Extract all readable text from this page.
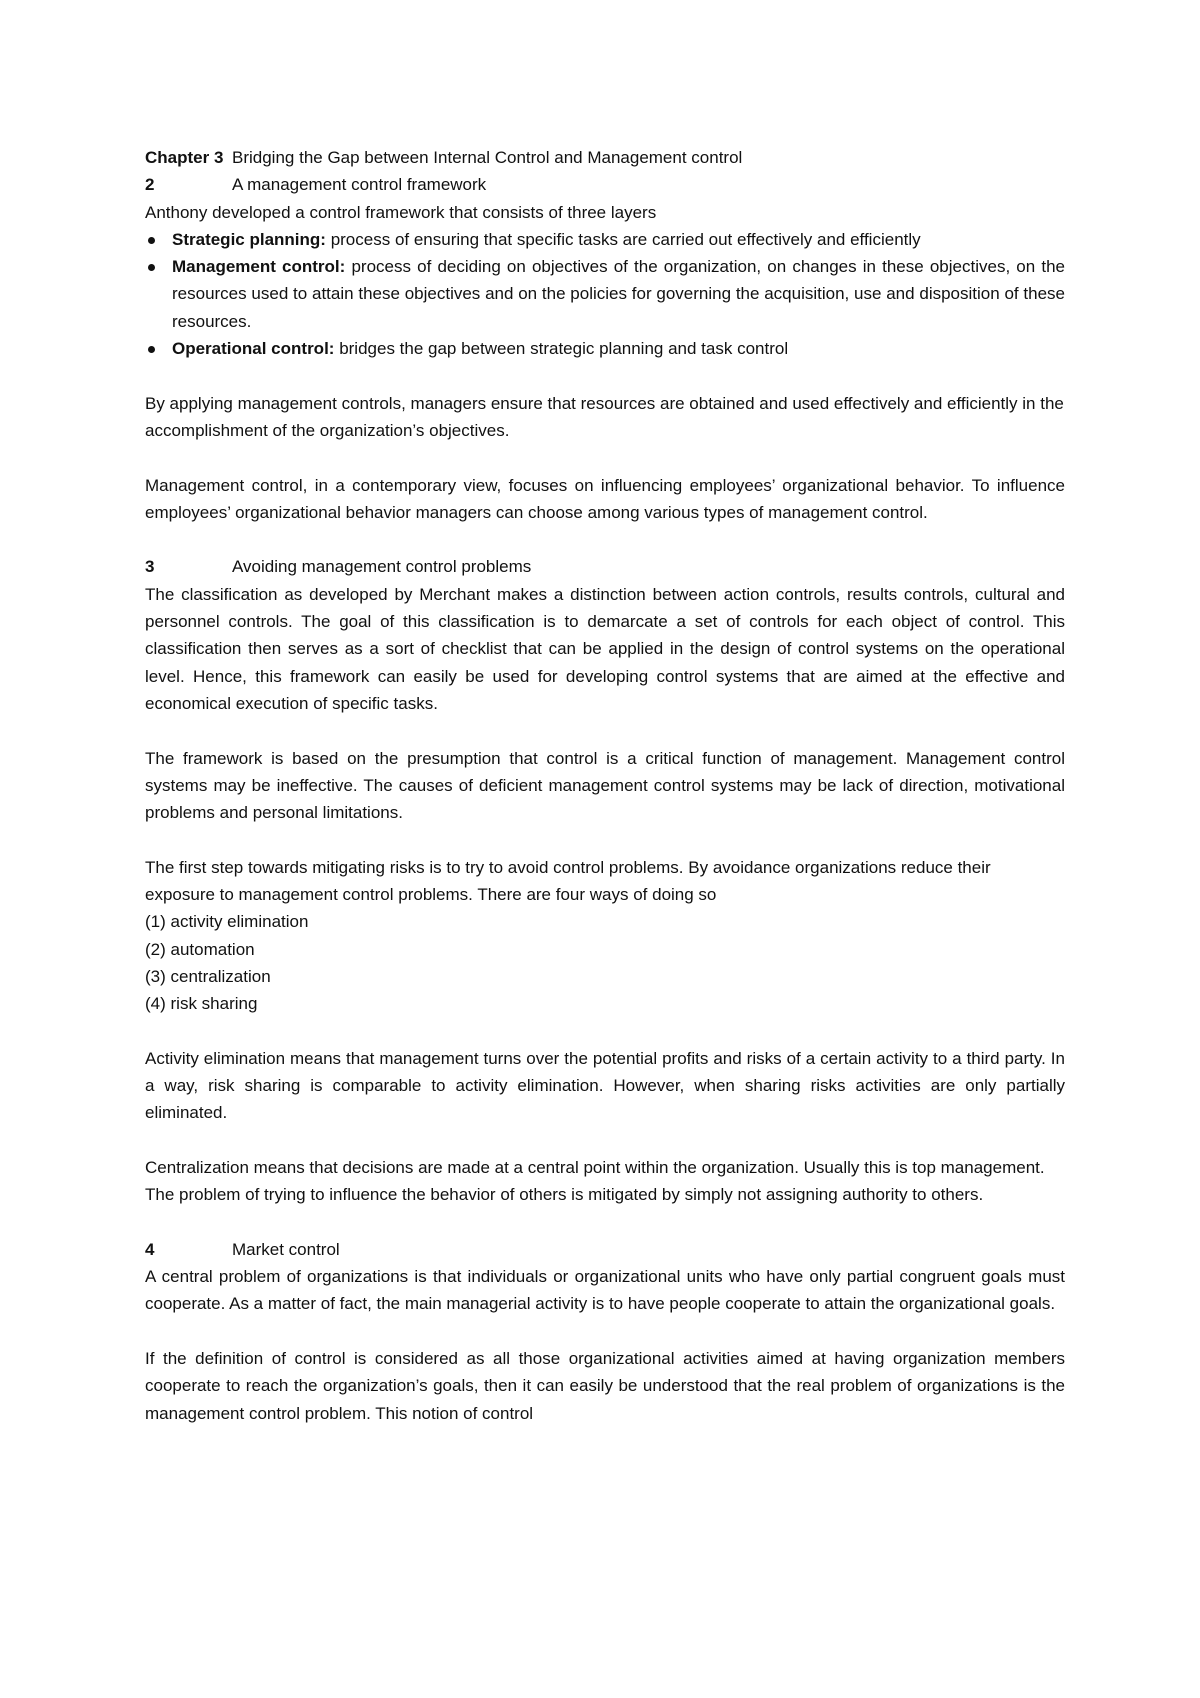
Chapter 3 Bridging the Gap between Internal Control and Management control
2	A management control framework

Anthony developed a control framework that consists of three layers

Strategic planning: process of ensuring that specific tasks are carried out effectively and efficiently
Management control: process of deciding on objectives of the organization, on changes in these objectives, on the resources used to attain these objectives and on the policies for governing the acquisition, use and disposition of these resources.
Operational control: bridges the gap between strategic planning and task control

By applying management controls, managers ensure that resources are obtained and used effectively and efficiently in the accomplishment of the organization’s objectives.

Management control, in a contemporary view, focuses on influencing employees’ organizational behavior. To influence employees’ organizational behavior managers can choose among various types of management control.

3	Avoiding management control problems

The classification as developed by Merchant makes a distinction between action controls, results controls, cultural and personnel controls. The goal of this classification is to demarcate a set of controls for each object of control. This classification then serves as a sort of checklist that can be applied in the design of control systems on the operational level. Hence, this framework can easily be used for developing control systems that are aimed at the effective and economical execution of specific tasks.

The framework is based on the presumption that control is a critical function of management. Management control systems may be ineffective. The causes of deficient management control systems may be lack of direction, motivational problems and personal limitations.

The first step towards mitigating risks is to try to avoid control problems. By avoidance organizations reduce their exposure to management control problems. There are four ways of doing so

(1) activity elimination
(2) automation
(3) centralization
(4) risk sharing

Activity elimination means that management turns over the potential profits and risks of a certain activity to a third party. In a way, risk sharing is comparable to activity elimination. However, when sharing risks activities are only partially eliminated.

Centralization means that decisions are made at a central point within the organization. Usually this is top management. The problem of trying to influence the behavior of others is mitigated by simply not assigning authority to others.

4	Market control

A central problem of organizations is that individuals or organizational units who have only partial congruent goals must cooperate. As a matter of fact, the main managerial activity is to have people cooperate to attain the organizational goals.

If the definition of control is considered as all those organizational activities aimed at having organization members cooperate to reach the organization’s goals, then it can easily be understood that the real problem of organizations is the management control problem. This notion of control
